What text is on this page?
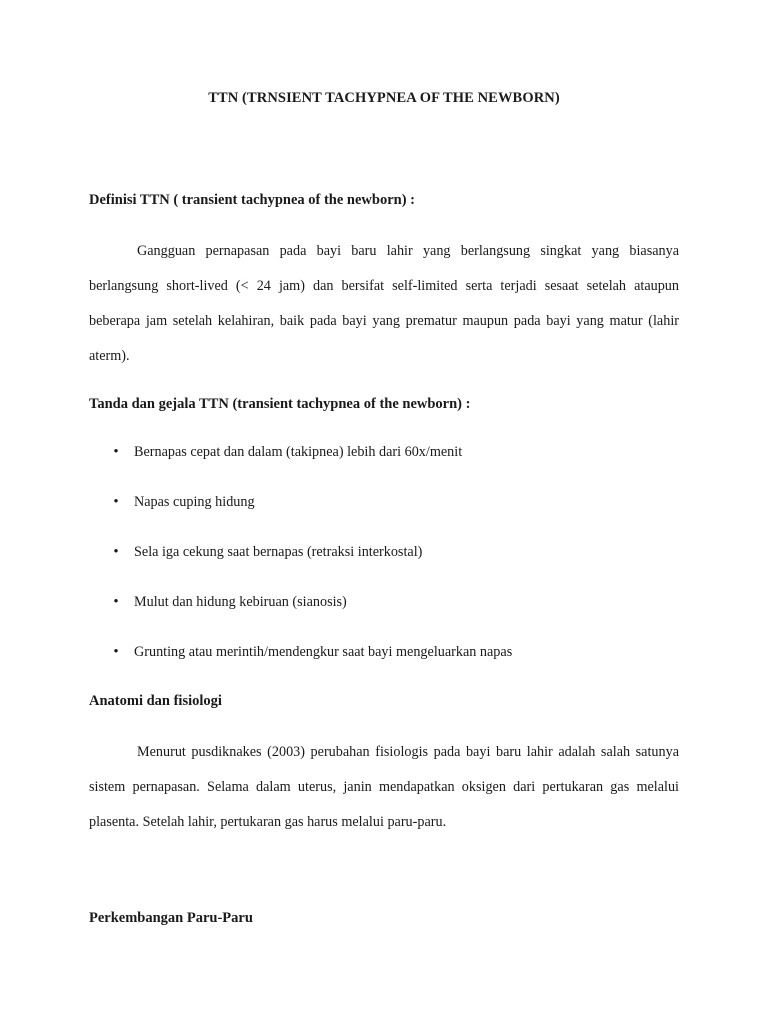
TTN (TRNSIENT TACHYPNEA OF THE NEWBORN)
Definisi TTN ( transient tachypnea of the newborn) :

Gangguan pernapasan pada bayi baru lahir yang berlangsung singkat yang biasanya berlangsung short-lived (< 24 jam) dan bersifat self-limited serta terjadi sesaat setelah ataupun beberapa jam setelah kelahiran, baik pada bayi yang prematur maupun pada bayi yang matur (lahir aterm).

Tanda dan gejala TTN (transient tachypnea of the newborn) :
• Bernapas cepat dan dalam (takipnea) lebih dari 60x/menit
• Napas cuping hidung
• Sela iga cekung saat bernapas (retraksi interkostal)
• Mulut dan hidung kebiruan (sianosis)
• Grunting atau merintih/mendengkur saat bayi mengeluarkan napas
Anatomi dan fisiologi

Menurut pusdiknakes (2003) perubahan fisiologis pada bayi baru lahir adalah salah satunya sistem pernapasan. Selama dalam uterus, janin mendapatkan oksigen dari pertukaran gas melalui plasenta. Setelah lahir, pertukaran gas harus melalui paru-paru.

Perkembangan Paru-Paru
